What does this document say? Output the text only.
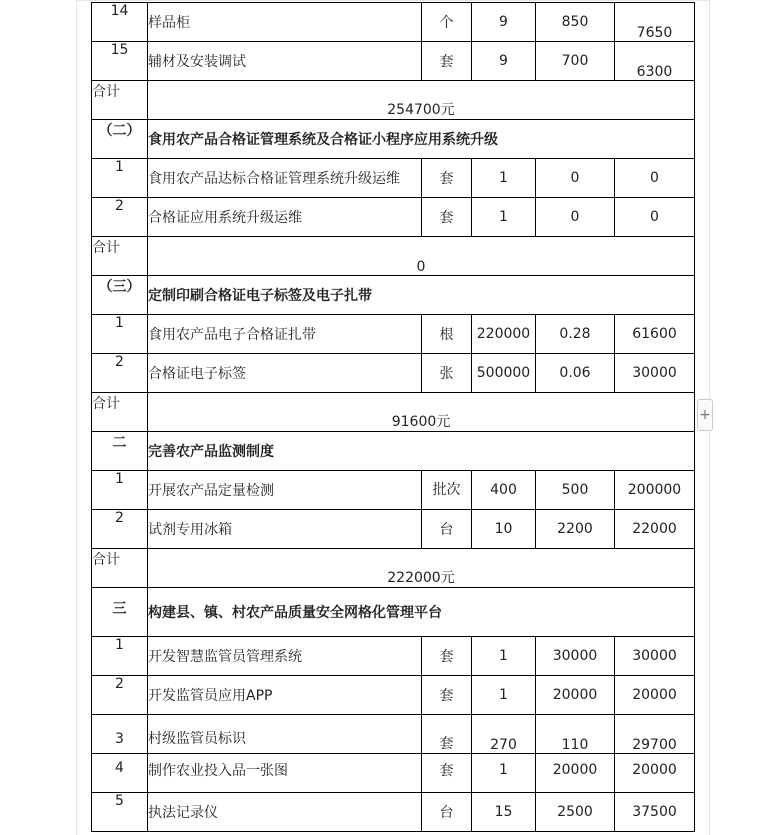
14	样品柜	个	9	850	7650
15	辅材及安装调试	套	9	700	6300
合计	254700元				
（二）	食用农产品合格证管理系统及合格证小程序应用系统升级				
1	食用农产品达标合格证管理系统升级运维	套	1	0	0
2	合格证应用系统升级运维	套	1	0	0
合计	0				
（三）	定制印刷合格证电子标签及电子扎带				
1	食用农产品电子合格证扎带	根	220000	0.28	61600
2	合格证电子标签	张	500000	0.06	30000
合计	91600元				
二	完善农产品监测制度				
1	开展农产品定量检测	批次	400	500	200000
2	试剂专用冰箱	台	10	2200	22000
合计	222000元				
三	构建县、镇、村农产品质量安全网格化管理平台				
1	开发智慧监管员管理系统	套	1	30000	30000
2	开发监管员应用APP	套	1	20000	20000
3	村级监管员标识	套	270	110	29700
4	制作农业投入品一张图	套	1	20000	20000
5	执法记录仪	台	15	2500	37500
+
